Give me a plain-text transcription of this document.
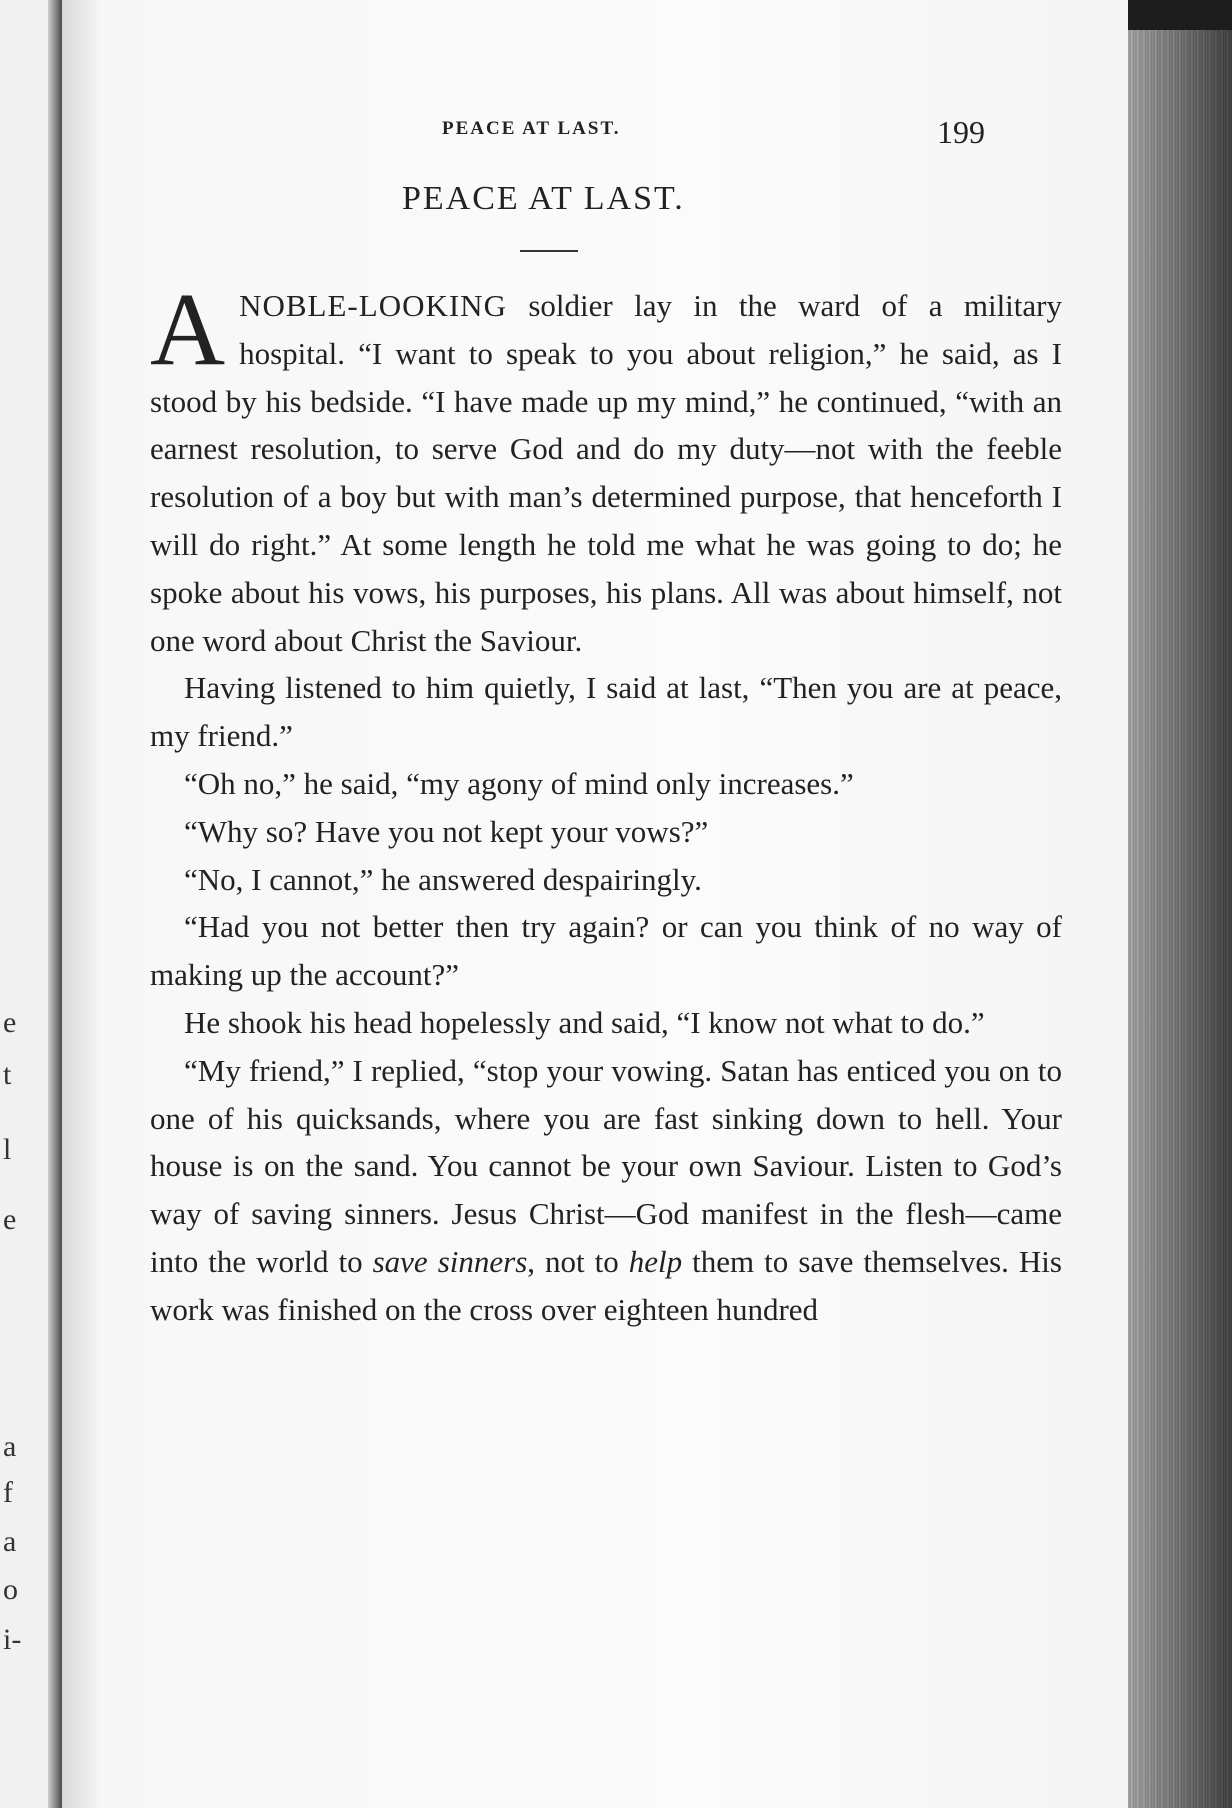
e
t
l
e
a
f
a
o
i-
PEACE AT LAST.	199
PEACE AT LAST.

ANOBLE-LOOKING soldier lay in the ward of a military hospital. “I want to speak to you about religion,” he said, as I stood by his bedside. “I have made up my mind,” he continued, “with an earnest resolution, to serve God and do my duty—not with the feeble resolution of a boy but with man’s determined purpose, that henceforth I will do right.” At some length he told me what he was going to do; he spoke about his vows, his purposes, his plans. All was about himself, not one word about Christ the Saviour.

Having listened to him quietly, I said at last, “Then you are at peace, my friend.”

“Oh no,” he said, “my agony of mind only increases.”

“Why so? Have you not kept your vows?”

“No, I cannot,” he answered despairingly.

“Had you not better then try again? or can you think of no way of making up the account?”

He shook his head hopelessly and said, “I know not what to do.”

“My friend,” I replied, “stop your vowing. Satan has enticed you on to one of his quicksands, where you are fast sinking down to hell. Your house is on the sand. You cannot be your own Saviour. Listen to God’s way of saving sinners. Jesus Christ—God manifest in the flesh—came into the world to save sinners, not to help them to save themselves. His work was finished on the cross over eighteen hundred
